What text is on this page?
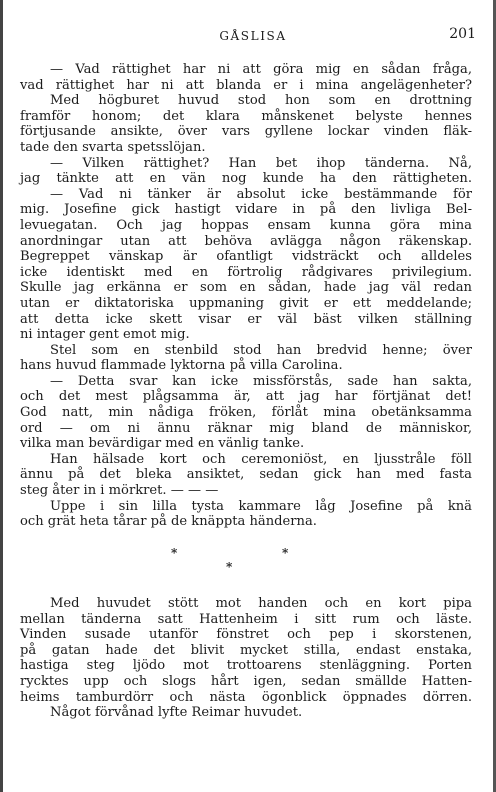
GÅSLISA	201
— Vad rättighet har ni att göra mig en sådan fråga,
vad rättighet har ni att blanda er i mina angelägenheter?
Med högburet huvud stod hon som en drottning
framför honom; det klara månskenet belyste hennes
förtjusande ansikte, över vars gyllene lockar vinden fläk-
tade den svarta spetsslöjan.
— Vilken rättighet? Han bet ihop tänderna. Nå,
jag tänkte att en vän nog kunde ha den rättigheten.
— Vad ni tänker är absolut icke bestämmande för
mig. Josefine gick hastigt vidare in på den livliga Bel-
levuegatan. Och jag hoppas ensam kunna göra mina
anordningar utan att behöva avlägga någon räkenskap.
Begreppet vänskap är ofantligt vidsträckt och alldeles
icke identiskt med en förtrolig rådgivares privilegium.
Skulle jag erkänna er som en sådan, hade jag väl redan
utan er diktatoriska uppmaning givit er ett meddelande;
att detta icke skett visar er väl bäst vilken ställning
ni intager gent emot mig.
Stel som en stenbild stod han bredvid henne; över
hans huvud flammade lyktorna på villa Carolina.
— Detta svar kan icke missförstås, sade han sakta,
och det mest plågsamma är, att jag har förtjänat det!
God natt, min nådiga fröken, förlåt mina obetänksamma
ord — om ni ännu räknar mig bland de människor,
vilka man bevärdigar med en vänlig tanke.
Han hälsade kort och ceremoniöst, en ljusstråle föll
ännu på det bleka ansiktet, sedan gick han med fasta
steg åter in i mörkret. — — —
Uppe i sin lilla tysta kammare låg Josefine på knä
och grät heta tårar på de knäppta händerna.
*	*
*
Med huvudet stött mot handen och en kort pipa
mellan tänderna satt Hattenheim i sitt rum och läste.
Vinden susade utanför fönstret och pep i skorstenen,
på gatan hade det blivit mycket stilla, endast enstaka,
hastiga steg ljödo mot trottoarens stenläggning. Porten
rycktes upp och slogs hårt igen, sedan smällde Hatten-
heims tamburdörr och nästa ögonblick öppnades dörren.
Något förvånad lyfte Reimar huvudet.
